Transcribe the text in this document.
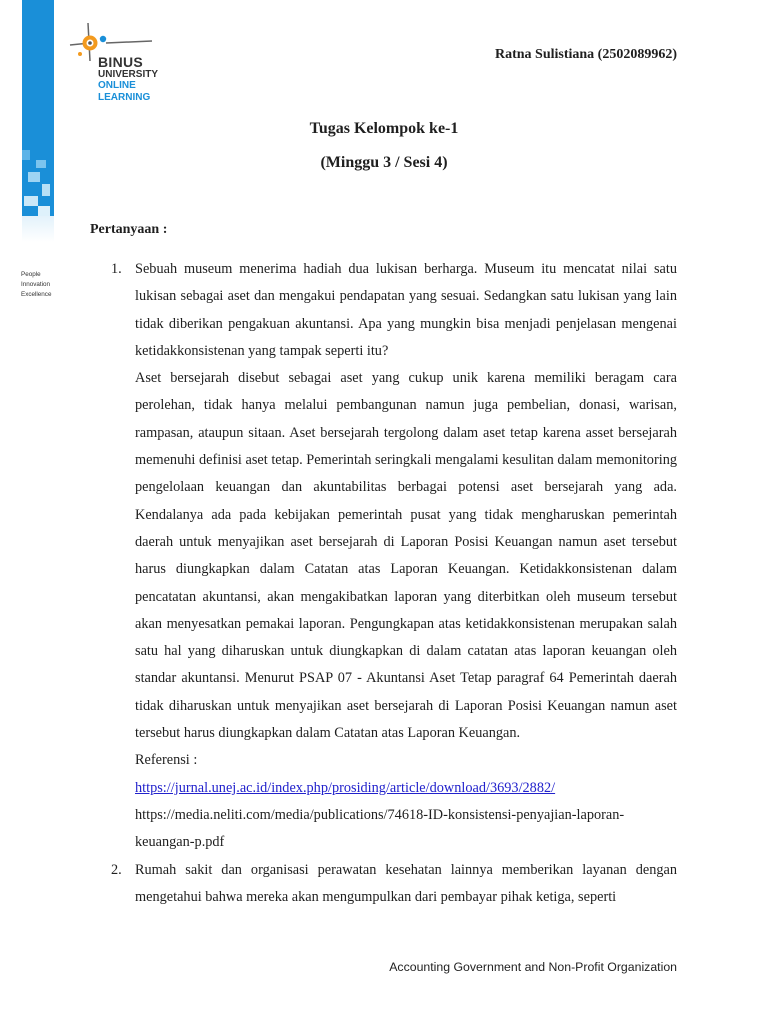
People
Innovation
Excellence
BINUS
UNIVERSITY
ONLINE
LEARNING
Ratna Sulistiana (2502089962)
Tugas Kelompok ke-1
(Minggu 3 / Sesi 4)
Pertanyaan :
1. Sebuah museum menerima hadiah dua lukisan berharga. Museum itu mencatat nilai satu lukisan sebagai aset dan mengakui pendapatan yang sesuai. Sedangkan satu lukisan yang lain tidak diberikan pengakuan akuntansi. Apa yang mungkin bisa menjadi penjelasan mengenai ketidakkonsistenan yang tampak seperti itu?
Aset bersejarah disebut sebagai aset yang cukup unik karena memiliki beragam cara perolehan, tidak hanya melalui pembangunan namun juga pembelian, donasi, warisan, rampasan, ataupun sitaan. Aset bersejarah tergolong dalam aset tetap karena asset bersejarah memenuhi definisi aset tetap. Pemerintah seringkali mengalami kesulitan dalam memonitoring pengelolaan keuangan dan akuntabilitas berbagai potensi aset bersejarah yang ada. Kendalanya ada pada kebijakan pemerintah pusat yang tidak mengharuskan pemerintah daerah untuk menyajikan aset bersejarah di Laporan Posisi Keuangan namun aset tersebut harus diungkapkan dalam Catatan atas Laporan Keuangan. Ketidakkonsistenan dalam pencatatan akuntansi, akan mengakibatkan laporan yang diterbitkan oleh museum tersebut akan menyesatkan pemakai laporan. Pengungkapan atas ketidakkonsistenan merupakan salah satu hal yang diharuskan untuk diungkapkan di dalam catatan atas laporan keuangan oleh standar akuntansi. Menurut PSAP 07 - Akuntansi Aset Tetap paragraf 64 Pemerintah daerah tidak diharuskan untuk menyajikan aset bersejarah di Laporan Posisi Keuangan namun aset tersebut harus diungkapkan dalam Catatan atas Laporan Keuangan.
Referensi :
https://jurnal.unej.ac.id/index.php/prosiding/article/download/3693/2882/
https://media.neliti.com/media/publications/74618-ID-konsistensi-penyajian-laporan-
keuangan-p.pdf
2. Rumah sakit dan organisasi perawatan kesehatan lainnya memberikan layanan dengan mengetahui bahwa mereka akan mengumpulkan dari pembayar pihak ketiga, seperti
Accounting Government and Non-Profit Organization
